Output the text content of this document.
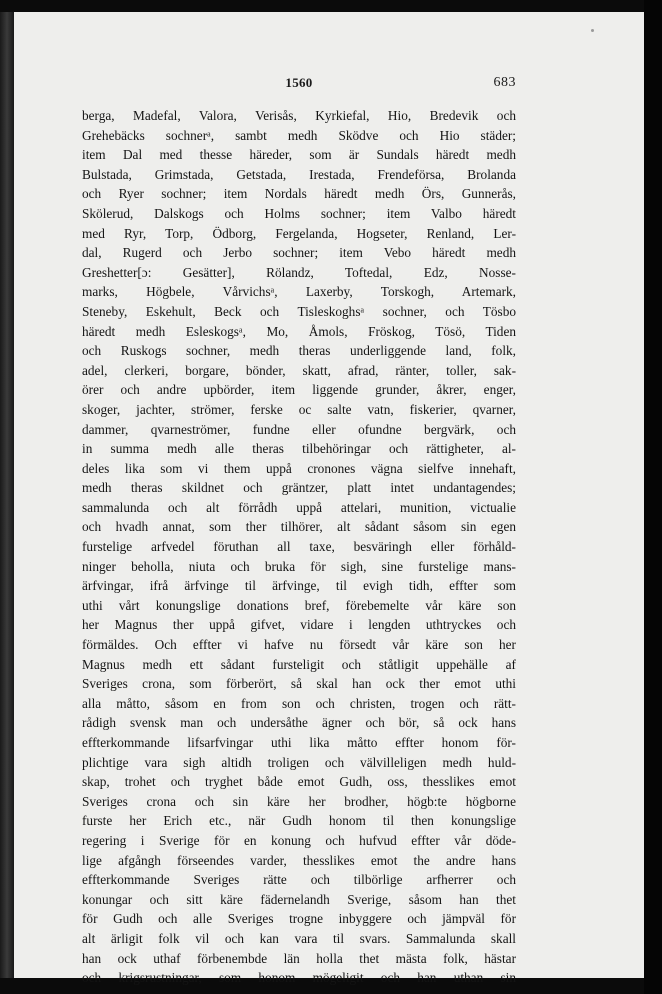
1560	683
berga, Madefal, Valora, Verisås, Kyrkiefal, Hio, Bredevik och
Grehebäcks sochnerᵃ, sambt medh Sködve och Hio städer;
item Dal med thesse häreder, som är Sundals häredt medh
Bulstada, Grimstada, Getstada, Irestada, Frendeförsa, Brolanda
och Ryer sochner; item Nordals häredt medh Örs, Gunnerås,
Skölerud, Dalskogs och Holms sochner; item Valbo häredt
med Ryr, Torp, Ödborg, Fergelanda, Hogseter, Renland, Ler-
dal, Rugerd och Jerbo sochner; item Vebo häredt medh
Greshetter[ɔ: Gesätter], Rölandz, Toftedal, Edz, Nosse-
marks, Högbele, Vårvichsᵃ, Laxerby, Torskogh, Artemark,
Steneby, Eskehult, Beck och Tisleskoghsᵃ sochner, och Tösbo
häredt medh Esleskogsᵃ, Mo, Åmols, Fröskog, Tösö, Tiden
och Ruskogs sochner, medh theras underliggende land, folk,
adel, clerkeri, borgare, bönder, skatt, afrad, ränter, toller, sak-
örer och andre upbörder, item liggende grunder, åkrer, enger,
skoger, jachter, strömer, ferske oc salte vatn, fiskerier, qvarner,
dammer, qvarneströmer, fundne eller ofundne bergvärk, och
in summa medh alle theras tilbehöringar och rättigheter, al-
deles lika som vi them uppå cronones vägna sielfve innehaft,
medh theras skildnet och gräntzer, platt intet undantagendes;
sammalunda och alt förrådh uppå attelari, munition, victualie
och hvadh annat, som ther tilhörer, alt sådant såsom sin egen
furstelige arfvedel föruthan all taxe, besväringh eller förhåld-
ninger beholla, niuta och bruka för sigh, sine furstelige mans-
ärfvingar, ifrå ärfvinge til ärfvinge, til evigh tidh, effter som
uthi vårt konungslige donations bref, förebemelte vår käre son
her Magnus ther uppå gifvet, vidare i lengden uthtryckes och
förmäldes. Och effter vi hafve nu försedt vår käre son her
Magnus medh ett sådant fursteligit och ståtligit uppehälle af
Sveriges crona, som förberört, så skal han ock ther emot uthi
alla måtto, såsom en from son och christen, trogen och rätt-
rådigh svensk man och undersåthe ägner och bör, så ock hans
effterkommande lifsarfvingar uthi lika måtto effter honom för-
plichtige vara sigh altidh troligen och välvilleligen medh huld-
skap, trohet och tryghet både emot Gudh, oss, thesslikes emot
Sveriges crona och sin käre her brodher, högb:te högborne
furste her Erich etc., när Gudh honom til then konungslige
regering i Sverige för en konung och hufvud effter vår döde-
lige afgångh förseendes varder, thesslikes emot the andre hans
effterkommande Sveriges rätte och tilbörlige arfherrer och
konungar och sitt käre fädernelandh Sverige, såsom han thet
för Gudh och alle Sveriges trogne inbyggere och jämpväl för
alt ärligit folk vil och kan vara til svars. Sammalunda skall
han ock uthaf förbenembde län holla thet mästa folk, hästar
och krigsrustningar, som honom mögeligit och han uthan sin
